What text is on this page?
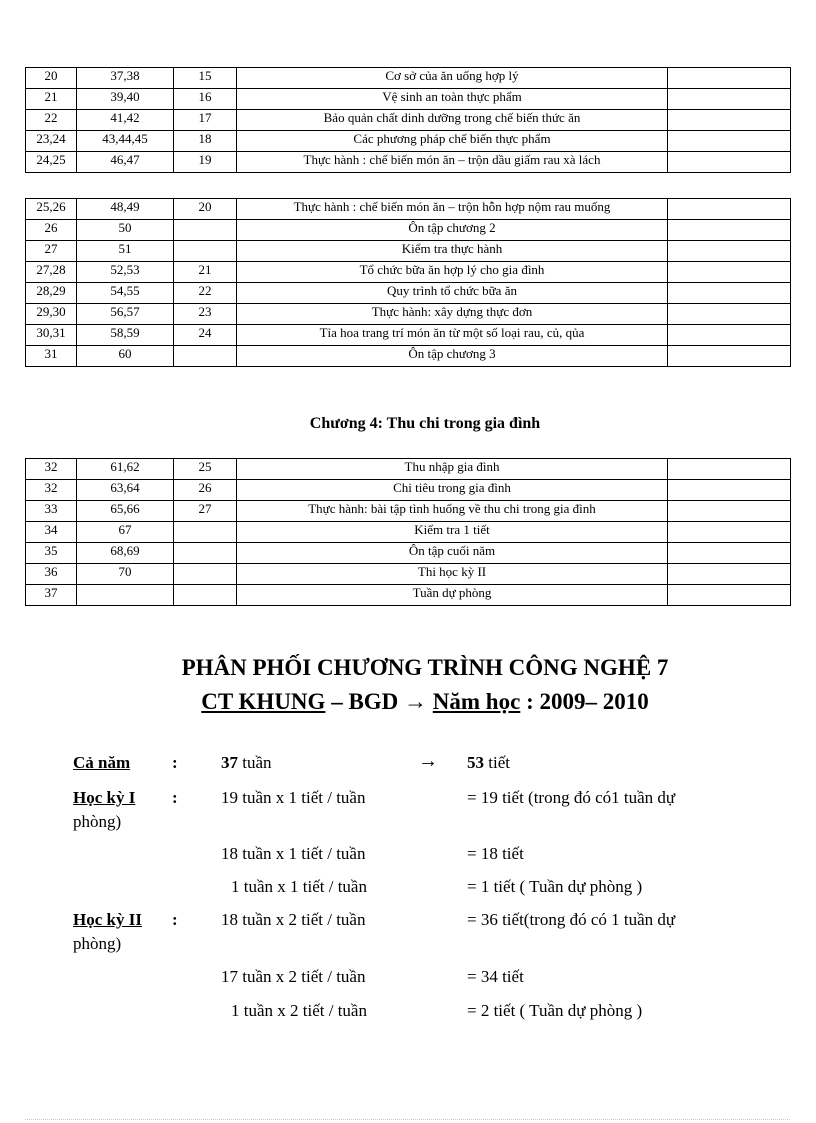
20	37,38	15	Cơ sở của ăn uống hợp lý	
21	39,40	16	Vệ sinh an toàn thực phẩm	
22	41,42	17	Bảo quản chất dinh dưỡng trong chế biến thức ăn	
23,24	43,44,45	18	Các phương pháp chế biến thực phẩm	
24,25	46,47	19	Thực hành : chế biến món ăn – trộn dầu giấm rau xà lách	
25,26	48,49	20	Thực hành : chế biến món ăn – trộn hỗn hợp nộm rau muống	
26	50		Ôn tập chương 2	
27	51		Kiểm tra thực hành	
27,28	52,53	21	Tổ chức bữa ăn hợp lý cho gia đình	
28,29	54,55	22	Quy trình tổ chức bữa ăn	
29,30	56,57	23	Thực hành: xây dựng thực đơn	
30,31	58,59	24	Tỉa hoa trang trí món ăn từ một số loại rau, củ, qủa	
31	60		Ôn tập chương 3	
Chương 4: Thu chi trong gia đình
32	61,62	25	Thu nhập gia đình	
32	63,64	26	Chi tiêu trong gia đình	
33	65,66	27	Thực hành: bài tập tình huống về thu chi trong gia đình	
34	67		Kiểm tra 1 tiết	
35	68,69		Ôn tập cuối năm	
36	70		Thi học kỳ II	
37			Tuần dự phòng	
PHÂN PHỐI CHƯƠNG TRÌNH CÔNG NGHỆ 7
CT KHUNG – BGD → Năm học : 2009– 2010
Cả năm :	37 tuần	→ 53 tiết
Học kỳ I :	19 tuần x 1 tiết / tuần	= 19 tiết (trong đó có1 tuần dự
phòng)
18 tuần x 1 tiết / tuần	= 18 tiết
1 tuần x 1 tiết / tuần	= 1 tiết ( Tuần dự phòng )
Học kỳ II :	18 tuần x 2 tiết / tuần	= 36 tiết(trong đó có 1 tuần dự
phòng)
17 tuần x 2 tiết / tuần	= 34 tiết
1 tuần x 2 tiết / tuần	= 2 tiết ( Tuần dự phòng )
